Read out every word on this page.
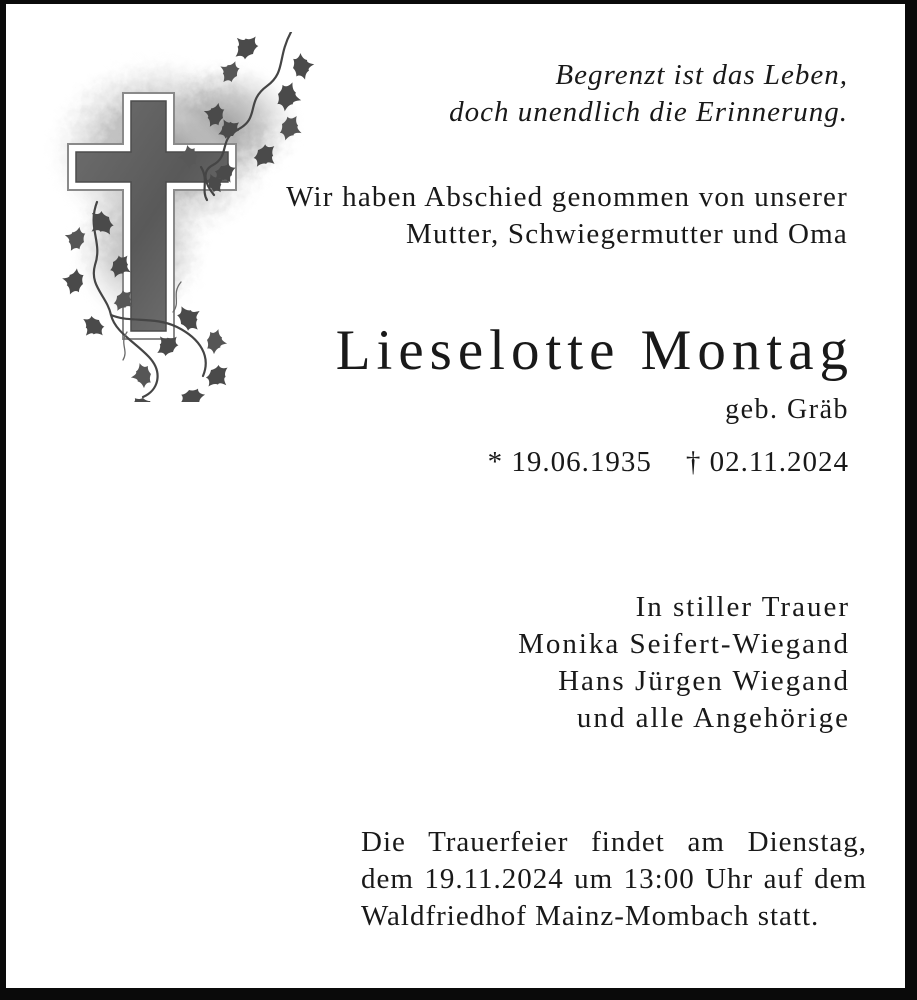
Begrenzt ist das Leben,
doch unendlich die Erinnerung.
Wir haben Abschied genommen von unserer
Mutter, Schwiegermutter und Oma
Lieselotte Montag
geb. Gräb
* 19.06.1935 † 02.11.2024
In stiller Trauer
Monika Seifert-Wiegand
Hans Jürgen Wiegand
und alle Angehörige
Die Trauerfeier findet am Dienstag,
dem 19.11.2024 um 13:00 Uhr auf dem
Waldfriedhof Mainz-Mombach statt.
